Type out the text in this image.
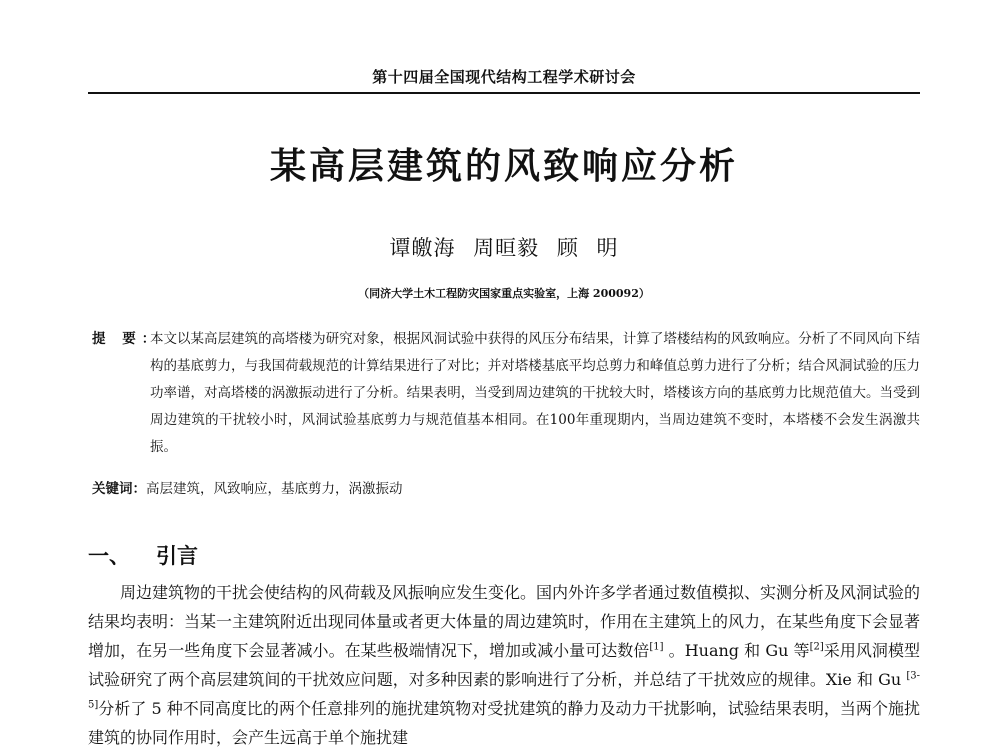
第十四届全国现代结构工程学术研讨会
某高层建筑的风致响应分析
谭皦海 周晅毅 顾 明
（同济大学土木工程防灾国家重点实验室，上海 200092）
提 要：
本文以某高层建筑的高塔楼为研究对象，根据风洞试验中获得的风压分布结果，计算了塔楼结构的风致响应。分析了不同风向下结构的基底剪力，与我国荷载规范的计算结果进行了对比；并对塔楼基底平均总剪力和峰值总剪力进行了分析；结合风洞试验的压力功率谱，对高塔楼的涡激振动进行了分析。结果表明，当受到周边建筑的干扰较大时，塔楼该方向的基底剪力比规范值大。当受到周边建筑的干扰较小时，风洞试验基底剪力与规范值基本相同。在100年重现期内，当周边建筑不变时，本塔楼不会发生涡激共振。
关键词：高层建筑，风致响应，基底剪力，涡激振动
一、 引言

周边建筑物的干扰会使结构的风荷载及风振响应发生变化。国内外许多学者通过数值模拟、实测分析及风洞试验的结果均表明：当某一主建筑附近出现同体量或者更大体量的周边建筑时，作用在主建筑上的风力，在某些角度下会显著增加，在另一些角度下会显著减小。在某些极端情况下，增加或减小量可达数倍[1] 。Huang 和 Gu 等[2]采用风洞模型试验研究了两个高层建筑间的干扰效应问题，对多种因素的影响进行了分析，并总结了干扰效应的规律。Xie 和 Gu [3-5]分析了 5 种不同高度比的两个任意排列的施扰建筑物对受扰建筑的静力及动力干扰影响，试验结果表明，当两个施扰建筑的协同作用时，会产生远高于单个施扰建
